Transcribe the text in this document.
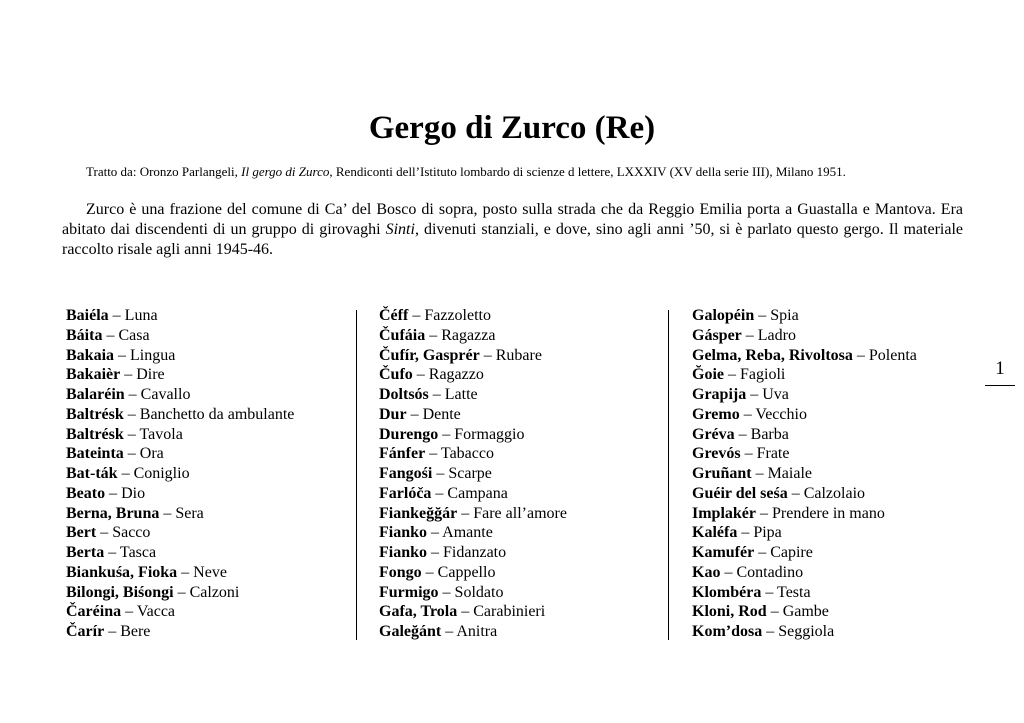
Gergo di Zurco (Re)

Tratto da: Oronzo Parlangeli, Il gergo di Zurco, Rendiconti dell’Istituto lombardo di scienze d lettere, LXXXIV (XV della serie III), Milano 1951.

Zurco è una frazione del comune di Ca’ del Bosco di sopra, posto sulla strada che da Reggio Emilia porta a Guastalla e Mantova. Era abitato dai discendenti di un gruppo di girovaghi Sinti, divenuti stanziali, e dove, sino agli anni ’50, si è parlato questo gergo. Il materiale raccolto risale agli anni 1945-46.

Baiéla – Luna
Báita – Casa
Bakaia – Lingua
Bakaièr – Dire
Balaréin – Cavallo
Baltrésk – Banchetto da ambulante
Baltrésk – Tavola
Bateinta – Ora
Bat-ták – Coniglio
Beato – Dio
Berna, Bruna – Sera
Bert – Sacco
Berta – Tasca
Biankuśa, Fioka – Neve
Bilongi, Biśongi – Calzoni
Čaréina – Vacca
Čarír – Bere
Čéff – Fazzoletto
Čufáia – Ragazza
Čufír, Gasprér – Rubare
Čufo – Ragazzo
Doltsós – Latte
Dur – Dente
Durengo – Formaggio
Fánfer – Tabacco
Fangośi – Scarpe
Farlóča – Campana
Fiankeğğár – Fare all’amore
Fianko – Amante
Fianko – Fidanzato
Fongo – Cappello
Furmigo – Soldato
Gafa, Trola – Carabinieri
Galeğánt – Anitra
Galopéin – Spia
Gásper – Ladro
Gelma, Reba, Rivoltosa – Polenta
Ğoie – Fagioli
Grapija – Uva
Gremo – Vecchio
Gréva – Barba
Grevós – Frate
Gruñant – Maiale
Guéir del seśa – Calzolaio
Implakér – Prendere in mano
Kaléfa – Pipa
Kamufér – Capire
Kao – Contadino
Klombéra – Testa
Kloni, Rod – Gambe
Kom’dosa – Seggiola
1
